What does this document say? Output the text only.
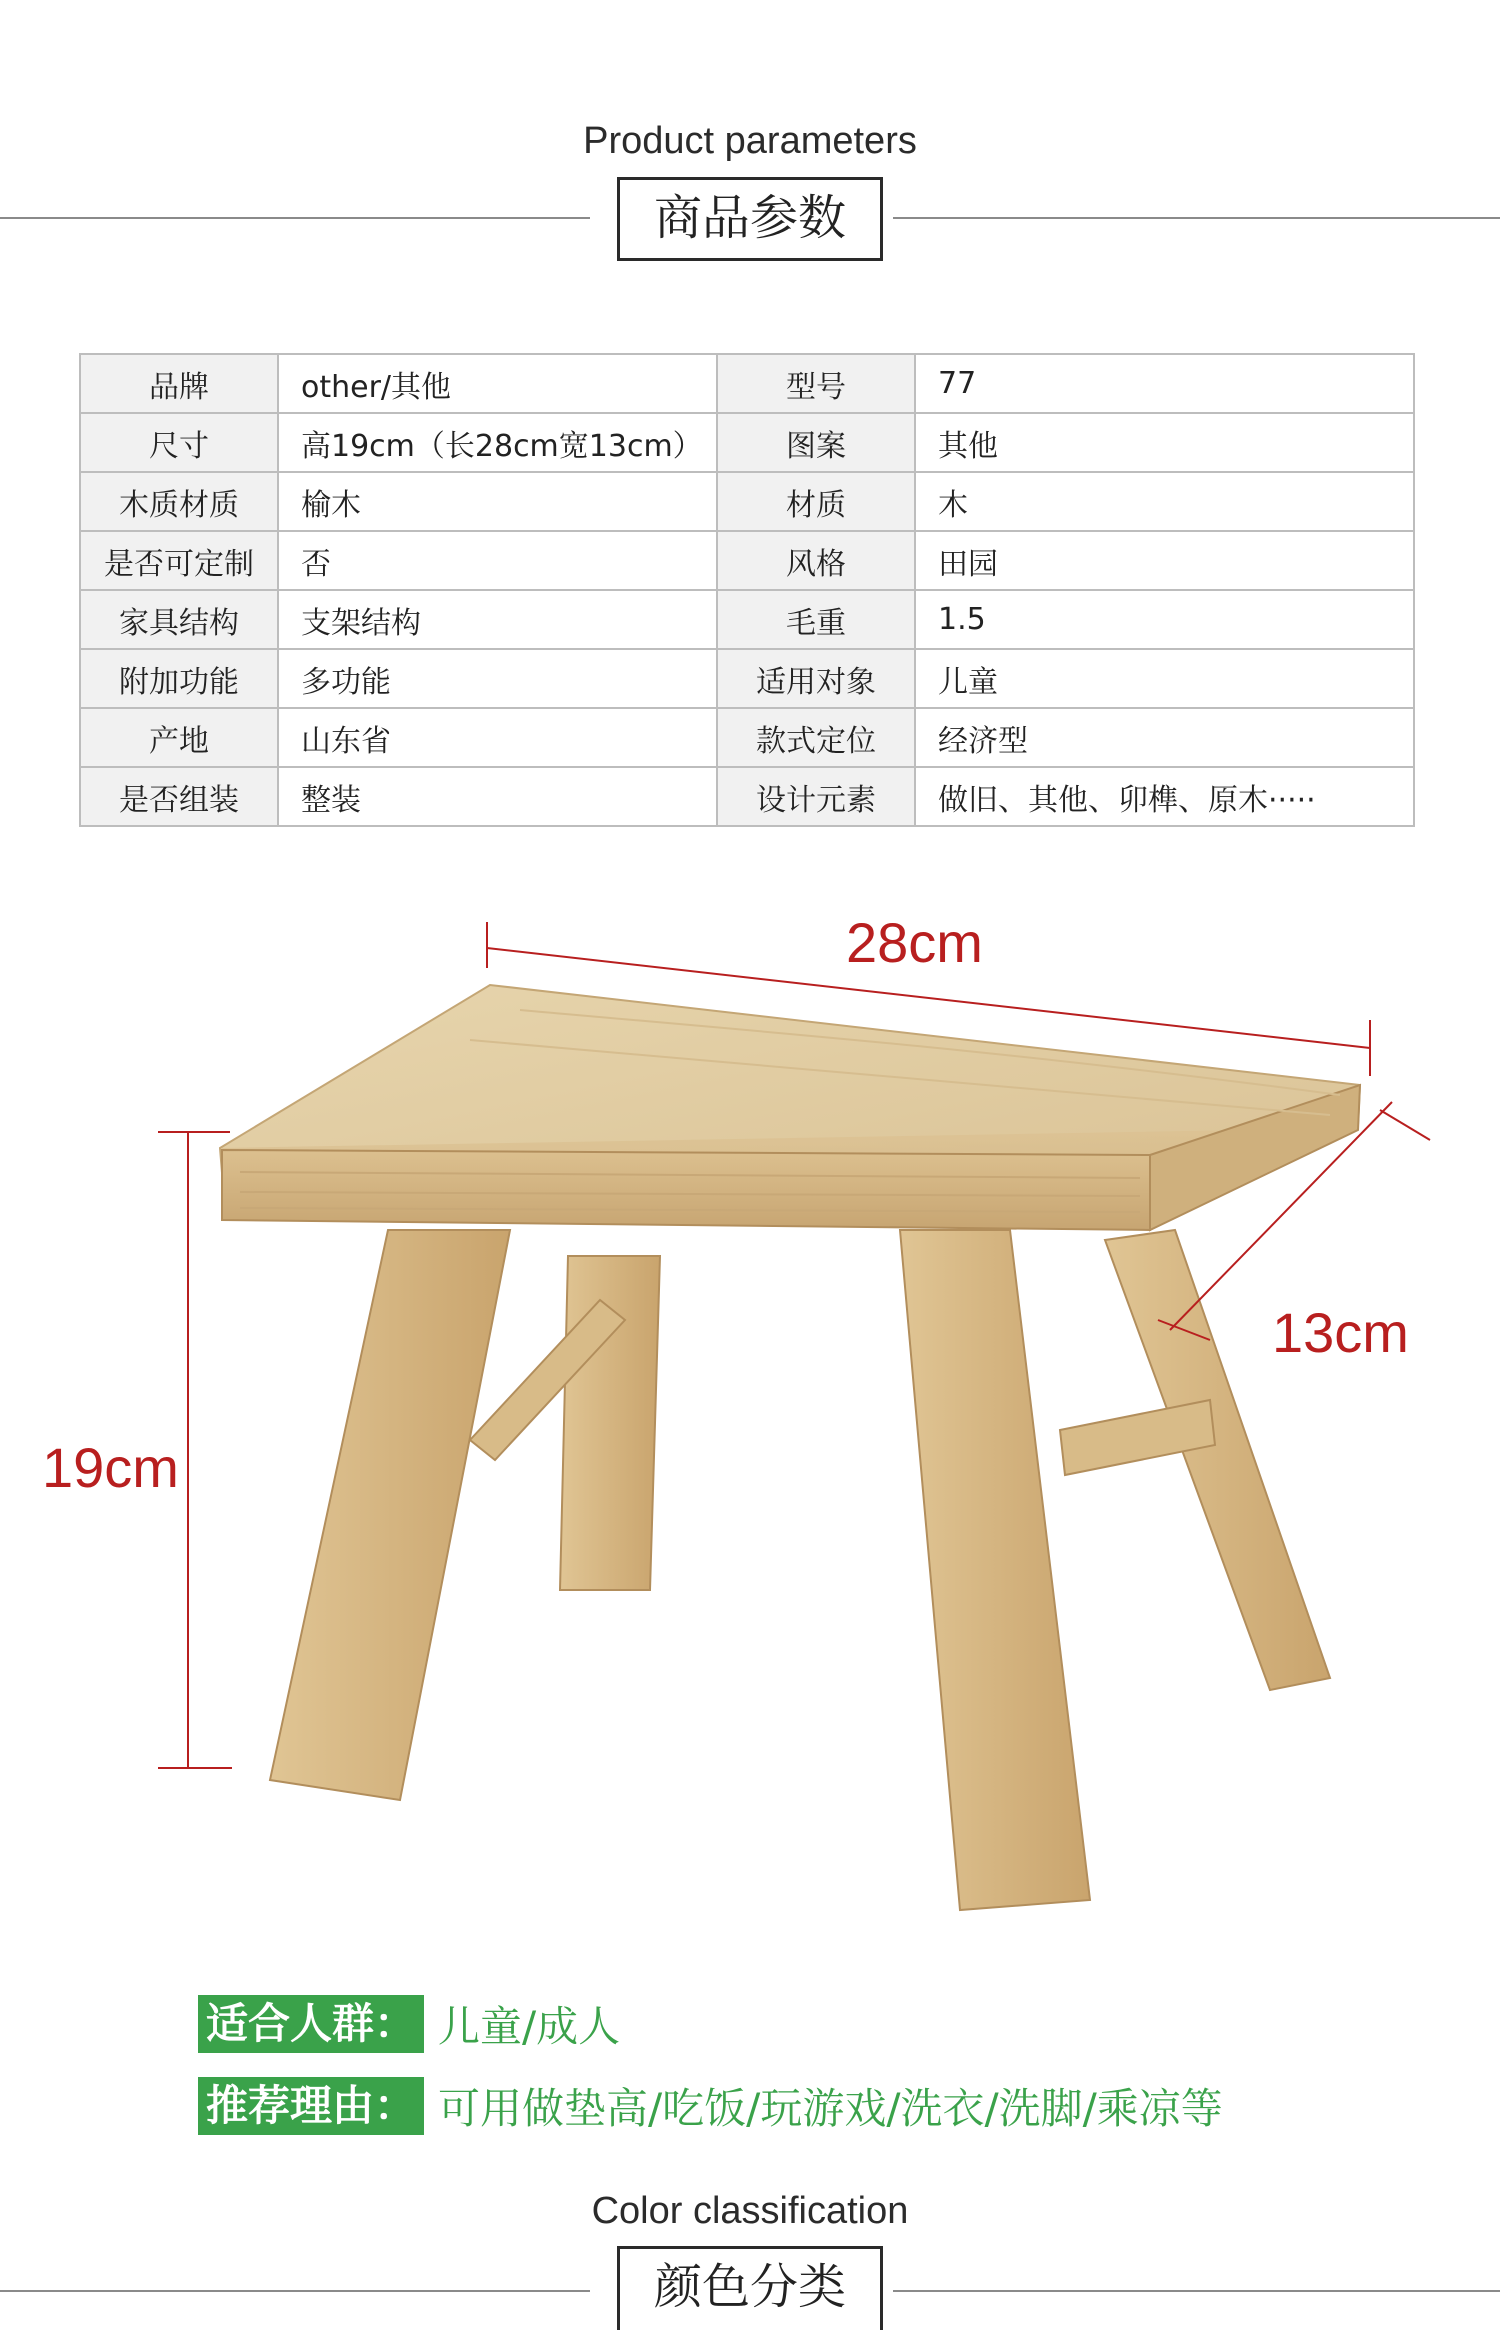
Product parameters
商品参数
品牌	other/其他	型号	77
尺寸	高19cm（长28cm宽13cm）	图案	其他
木质材质	榆木	材质	木
是否可定制	否	风格	田园
家具结构	支架结构	毛重	1.5
附加功能	多功能	适用对象	儿童
产地	山东省	款式定位	经济型
是否组装	整装	设计元素	做旧、其他、卯榫、原木·····
28cm
13cm
19cm
适合人群： 儿童/成人
推荐理由： 可用做垫高/吃饭/玩游戏/洗衣/洗脚/乘凉等
Color classification
颜色分类
